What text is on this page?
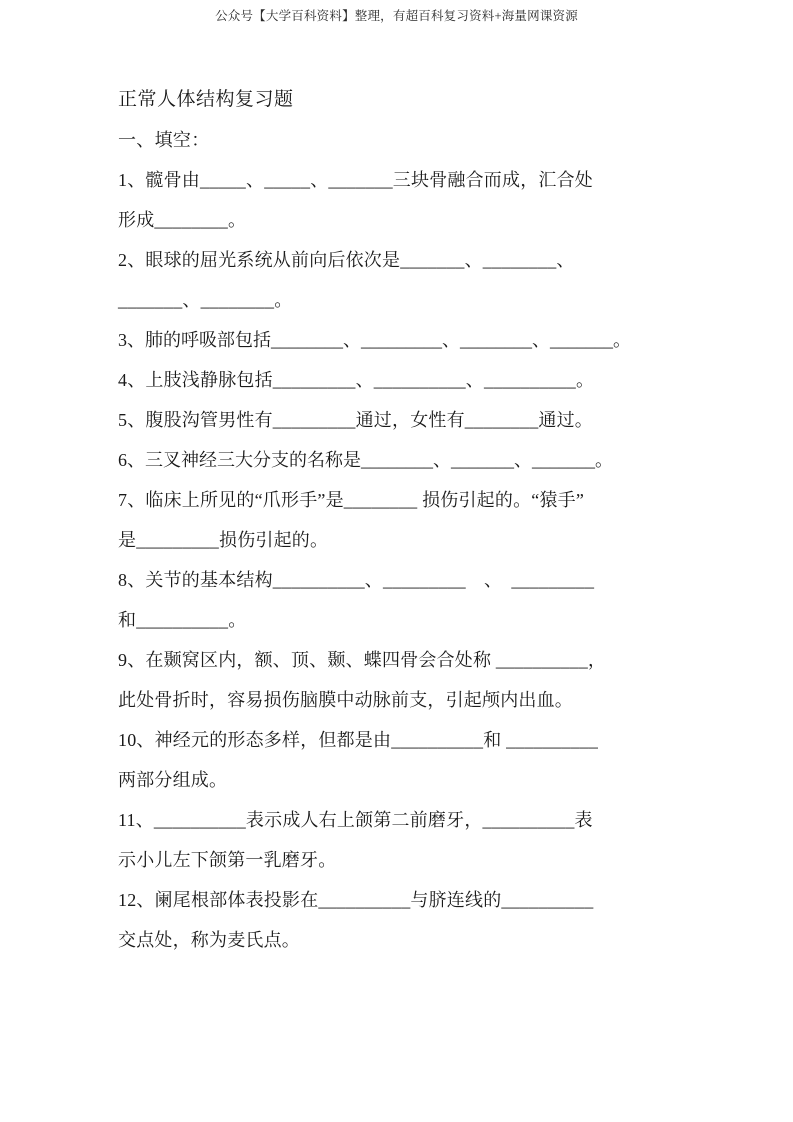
公众号【大学百科资料】整理，有超百科复习资料+海量网课资源
正常人体结构复习题
一、填空：
1、髋骨由_____、_____、_______三块骨融合而成，汇合处
形成________。
2、眼球的屈光系统从前向后依次是_______、________、
_______、________。
3、肺的呼吸部包括________、_________、________、_______。
4、上肢浅静脉包括_________、__________、__________。
5、腹股沟管男性有_________通过，女性有________通过。
6、三叉神经三大分支的名称是________、_______、_______。
7、临床上所见的“爪形手”是________ 损伤引起的。“猿手”
是_________损伤引起的。
8、关节的基本结构__________、_________　、　_________
和__________。
9、在颞窝区内，额、顶、颞、蝶四骨会合处称 __________，
此处骨折时，容易损伤脑膜中动脉前支，引起颅内出血。
10、神经元的形态多样，但都是由__________和 __________
两部分组成。
11、__________表示成人右上颌第二前磨牙，__________表
示小儿左下颌第一乳磨牙。
12、阑尾根部体表投影在__________与脐连线的__________
交点处，称为麦氏点。
